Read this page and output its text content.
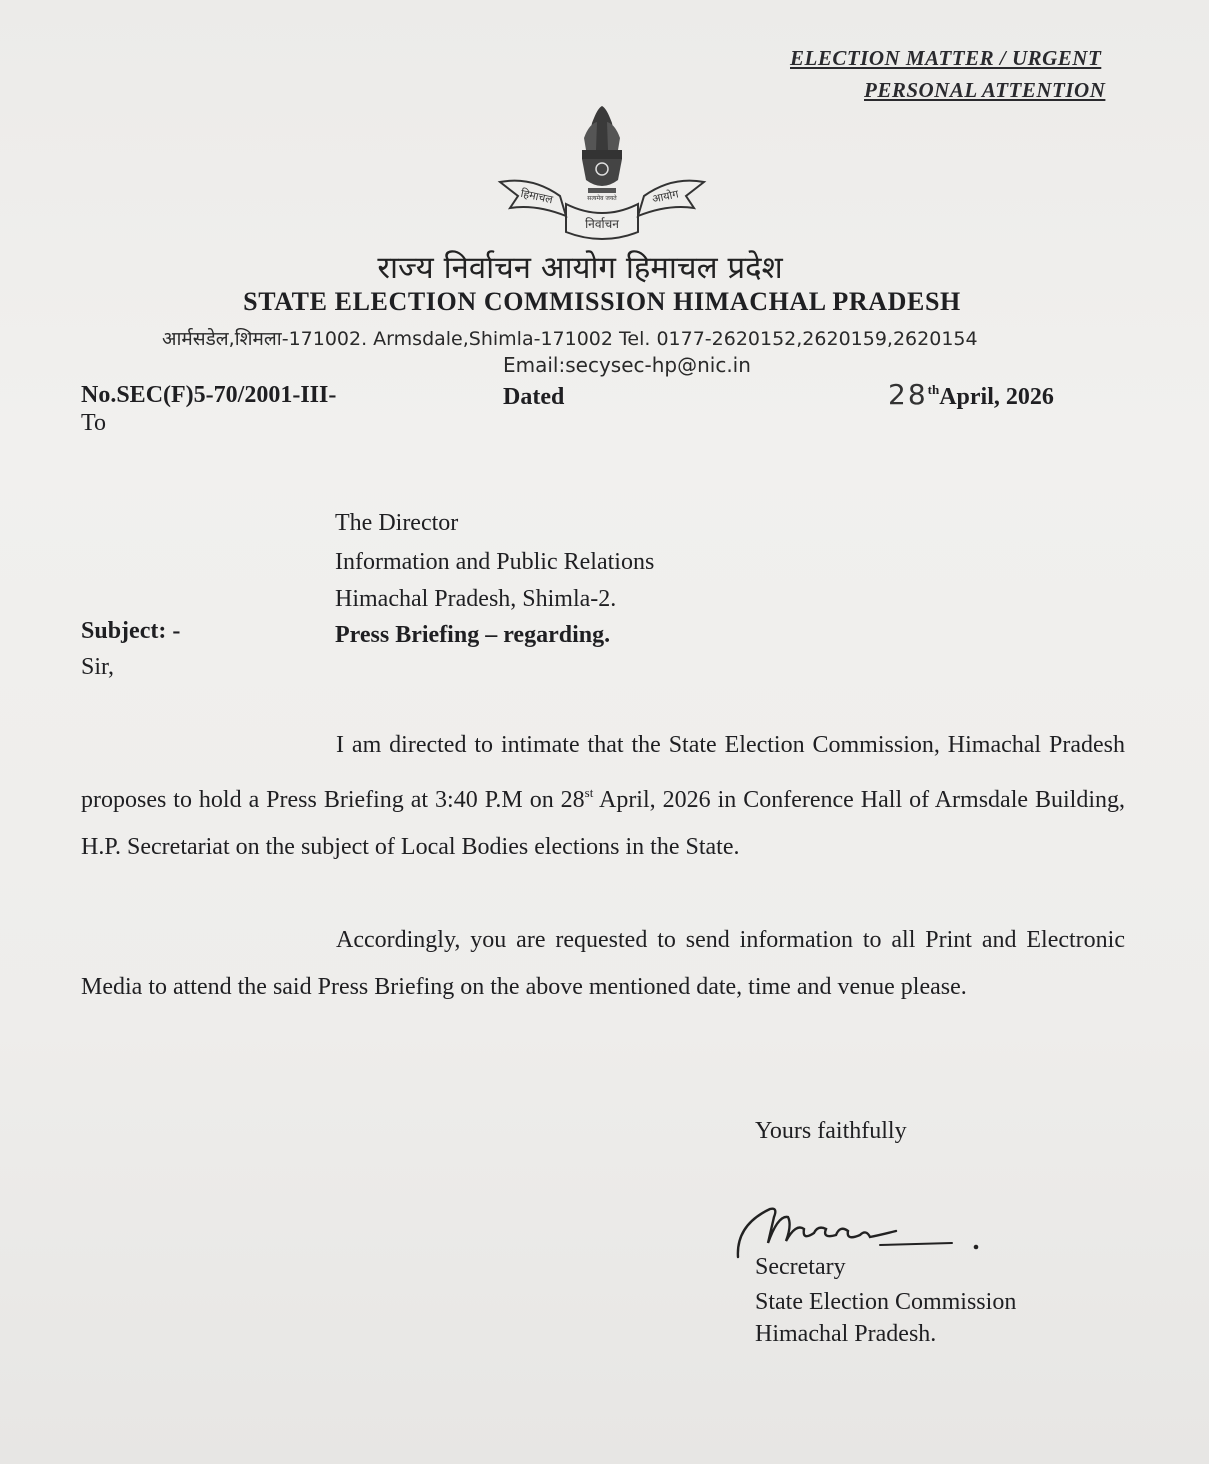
ELECTION MATTER / URGENT
PERSONAL ATTENTION
सत्यमेव जयते
हिमाचल
निर्वाचन
आयोग
राज्य निर्वाचन आयोग हिमाचल प्रदेश
STATE ELECTION COMMISSION HIMACHAL PRADESH
आर्मसडेल,शिमला-171002. Armsdale,Shimla-171002 Tel. 0177-2620152,2620159,2620154
Email:secysec-hp@nic.in
No.SEC(F)5-70/2001-III-	Dated	28thApril, 2026
To
The Director
Information and Public Relations
Himachal Pradesh, Shimla-2.
Subject: -	Press Briefing – regarding.
Sir,
I am directed to intimate that the State Election Commission, Himachal Pradesh proposes to hold a Press Briefing at 3:40 P.M on 28st April, 2026 in Conference Hall of Armsdale Building, H.P. Secretariat on the subject of Local Bodies elections in the State.
Accordingly, you are requested to send information to all Print and Electronic Media to attend the said Press Briefing on the above mentioned date, time and venue please.
Yours faithfully
Secretary
State Election Commission
Himachal Pradesh.
